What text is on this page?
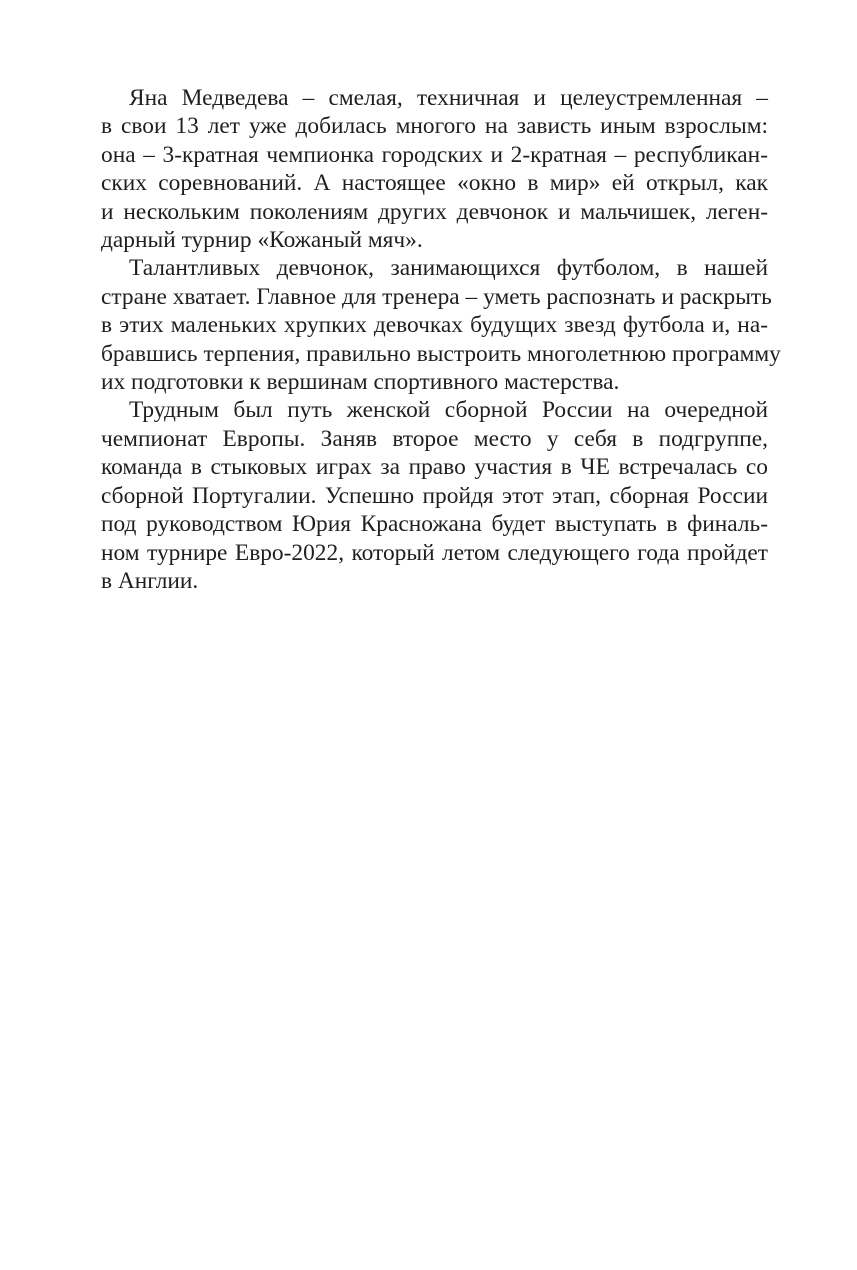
Яна Медведева – смелая, техничная и целеустремленная –
в свои 13 лет уже добилась многого на зависть иным взрослым:
она – 3-кратная чемпионка городских и 2-кратная – республикан-
ских соревнований. А настоящее «окно в мир» ей открыл, как
и нескольким поколениям других девчонок и мальчишек, леген-
дарный турнир «Кожаный мяч».
Талантливых девчонок, занимающихся футболом, в нашей
стране хватает. Главное для тренера – уметь распознать и раскрыть
в этих маленьких хрупких девочках будущих звезд футбола и, на-
бравшись терпения, правильно выстроить многолетнюю программу
их подготовки к вершинам спортивного мастерства.
Трудным был путь женской сборной России на очередной
чемпионат Европы. Заняв второе место у себя в подгруппе,
команда в стыковых играх за право участия в ЧЕ встречалась со
сборной Португалии. Успешно пройдя этот этап, сборная России
под руководством Юрия Красножана будет выступать в финаль-
ном турнире Евро-2022, который летом следующего года пройдет
в Англии.
